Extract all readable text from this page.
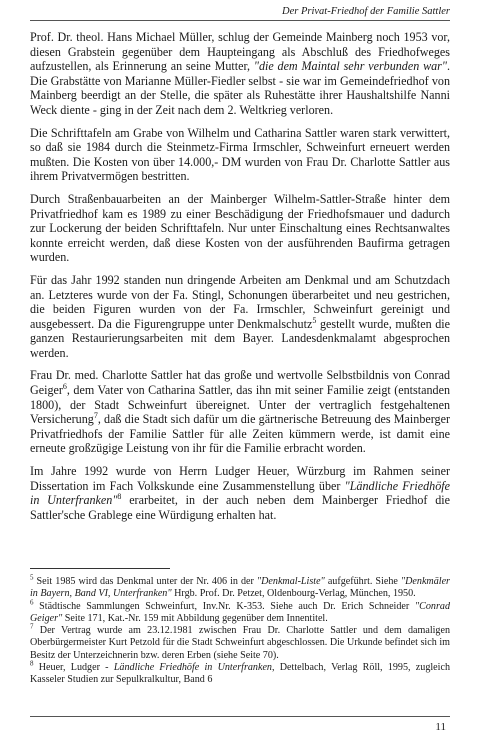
Der Privat-Friedhof der Familie Sattler

Prof. Dr. theol. Hans Michael Müller, schlug der Gemeinde Mainberg noch 1953 vor, diesen Grabstein gegenüber dem Haupteingang als Abschluß des Friedhofweges aufzustellen, als Erinnerung an seine Mutter, "die dem Maintal sehr verbunden war". Die Grabstätte von Marianne Müller-Fiedler selbst - sie war im Gemeindefriedhof von Mainberg beerdigt an der Stelle, die später als Ruhestätte ihrer Haushaltshilfe Nanni Weck diente - ging in der Zeit nach dem 2. Weltkrieg verloren.

Die Schrifttafeln am Grabe von Wilhelm und Catharina Sattler waren stark verwittert, so daß sie 1984 durch die Steinmetz-Firma Irmschler, Schweinfurt erneuert werden mußten. Die Kosten von über 14.000,- DM wurden von Frau Dr. Charlotte Sattler aus ihrem Privatvermögen bestritten.

Durch Straßenbauarbeiten an der Mainberger Wilhelm-Sattler-Straße hinter dem Privatfriedhof kam es 1989 zu einer Beschädigung der Friedhofsmauer und dadurch zur Lockerung der beiden Schrifttafeln. Nur unter Einschaltung eines Rechtsanwaltes konnte erreicht werden, daß diese Kosten von der ausführenden Baufirma getragen wurden.

Für das Jahr 1992 standen nun dringende Arbeiten am Denkmal und am Schutzdach an. Letzteres wurde von der Fa. Stingl, Schonungen überarbeitet und neu gestrichen, die beiden Figuren wurden von der Fa. Irmschler, Schweinfurt gereinigt und ausgebessert. Da die Figurengruppe unter Denkmalschutz$^5$ gestellt wurde, mußten die ganzen Restaurierungsarbeiten mit dem Bayer. Landesdenkmalamt abgesprochen werden.

Frau Dr. med. Charlotte Sattler hat das große und wertvolle Selbstbildnis von Conrad Geiger$^6$, dem Vater von Catharina Sattler, das ihn mit seiner Familie zeigt (entstanden 1800), der Stadt Schweinfurt übereignet. Unter der vertraglich festgehaltenen Versicherung$^7$, daß die Stadt sich dafür um die gärtnerische Betreuung des Mainberger Privatfriedhofs der Familie Sattler für alle Zeiten kümmern werde, ist damit eine erneute großzügige Leistung von ihr für die Familie erbracht worden.

Im Jahre 1992 wurde von Herrn Ludger Heuer, Würzburg im Rahmen seiner Dissertation im Fach Volkskunde eine Zusammenstellung über "Ländliche Friedhöfe in Unterfranken"$^8$ erarbeitet, in der auch neben dem Mainberger Friedhof die Sattler'sche Grablege eine Würdigung erhalten hat.

$^5$ Seit 1985 wird das Denkmal unter der Nr. 406 in der "Denkmal-Liste" aufgeführt. Siehe "Denkmäler in Bayern, Band VI, Unterfranken" Hrgb. Prof. Dr. Petzet, Oldenbourg-Verlag, München, 1950.

$^6$ Städtische Sammlungen Schweinfurt, Inv.Nr. K-353. Siehe auch Dr. Erich Schneider "Conrad Geiger" Seite 171, Kat.-Nr. 159 mit Abbildung gegenüber dem Innentitel.

$^7$ Der Vertrag wurde am 23.12.1981 zwischen Frau Dr. Charlotte Sattler und dem damaligen Oberbürgermeister Kurt Petzold für die Stadt Schweinfurt abgeschlossen. Die Urkunde befindet sich im Besitz der Unterzeichnerin bzw. deren Erben (siehe Seite 70).

$^8$ Heuer, Ludger - Ländliche Friedhöfe in Unterfranken, Dettelbach, Verlag Röll, 1995, zugleich Kasseler Studien zur Sepulkralkultur, Band 6

11
